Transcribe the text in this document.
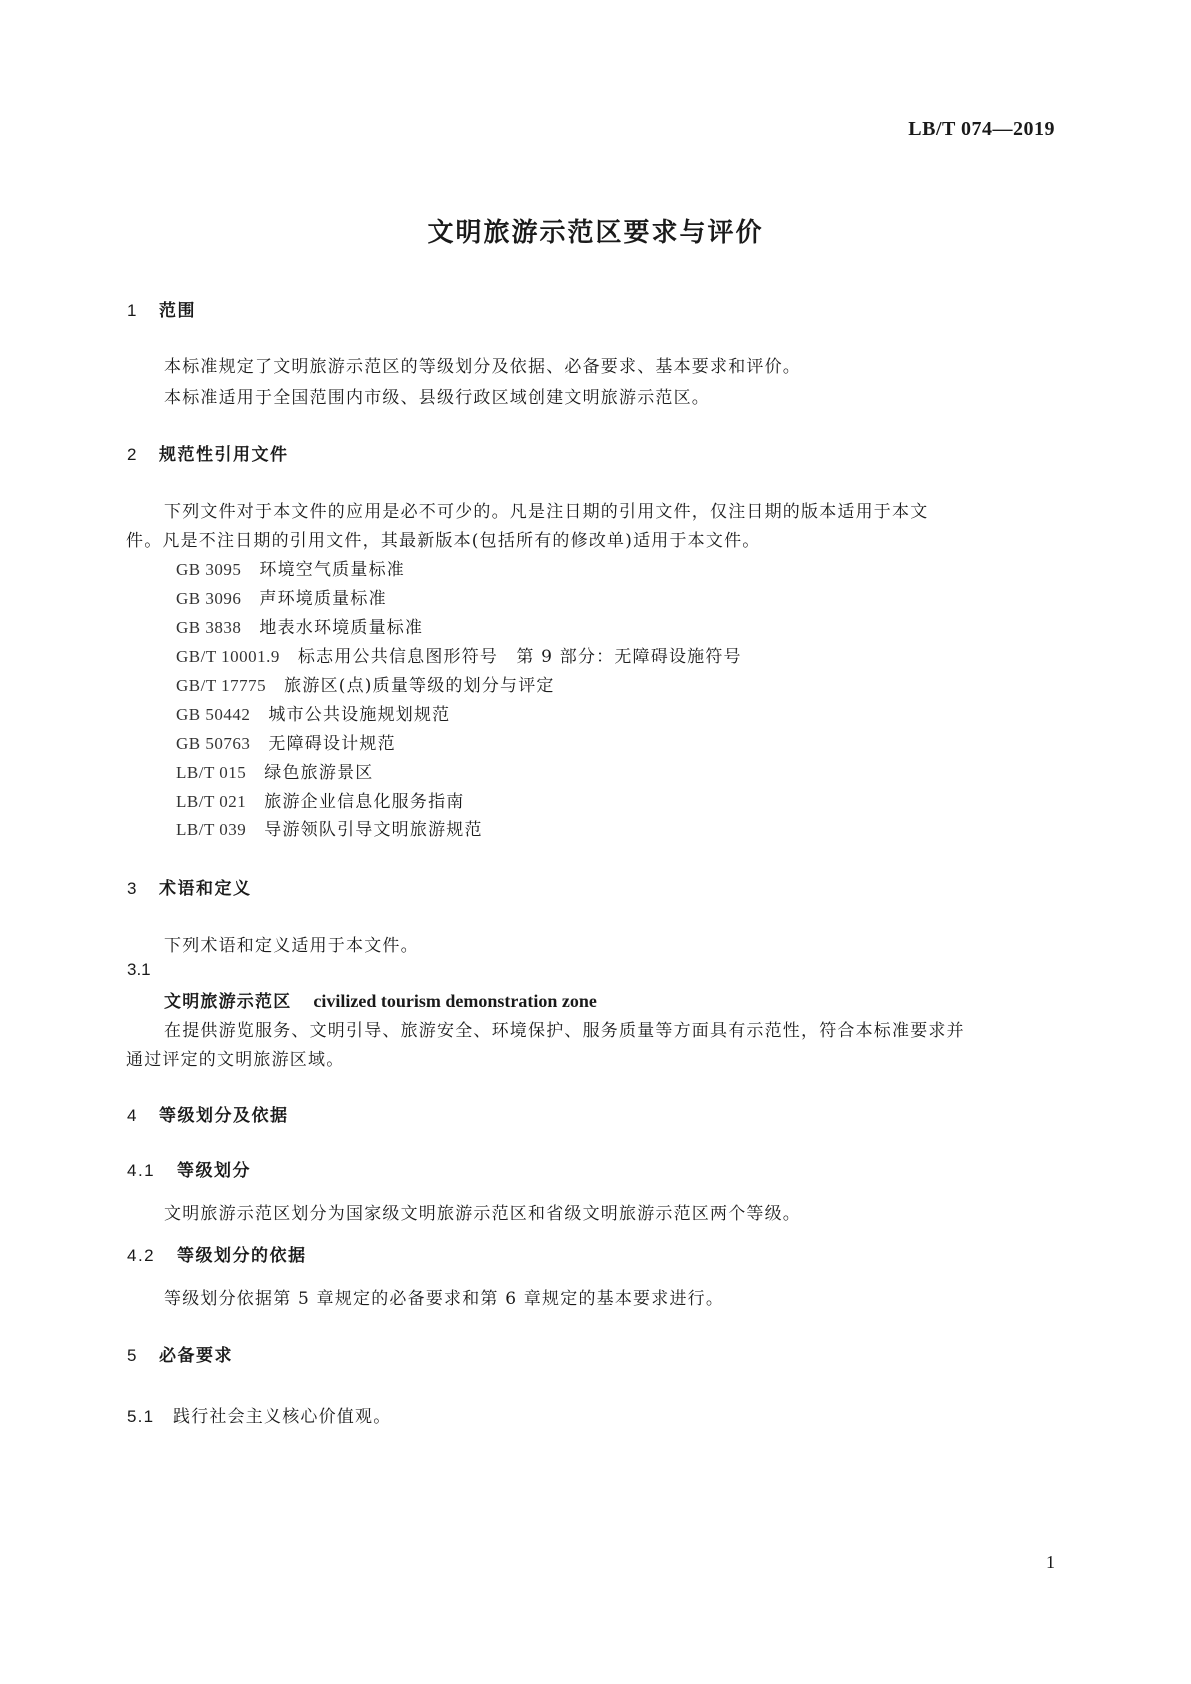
LB/T 074—2019
文明旅游示范区要求与评价
1 范围
本标准规定了文明旅游示范区的等级划分及依据、必备要求、基本要求和评价。
本标准适用于全国范围内市级、县级行政区域创建文明旅游示范区。
2 规范性引用文件
下列文件对于本文件的应用是必不可少的。凡是注日期的引用文件，仅注日期的版本适用于本文
件。凡是不注日期的引用文件，其最新版本(包括所有的修改单)适用于本文件。
GB 3095 环境空气质量标准
GB 3096 声环境质量标准
GB 3838 地表水环境质量标准
GB/T 10001.9 标志用公共信息图形符号　第 9 部分：无障碍设施符号
GB/T 17775 旅游区(点)质量等级的划分与评定
GB 50442 城市公共设施规划规范
GB 50763 无障碍设计规范
LB/T 015 绿色旅游景区
LB/T 021 旅游企业信息化服务指南
LB/T 039 导游领队引导文明旅游规范
3 术语和定义
下列术语和定义适用于本文件。
3.1
文明旅游示范区 civilized tourism demonstration zone
在提供游览服务、文明引导、旅游安全、环境保护、服务质量等方面具有示范性，符合本标准要求并
通过评定的文明旅游区域。
4 等级划分及依据
4.1 等级划分
文明旅游示范区划分为国家级文明旅游示范区和省级文明旅游示范区两个等级。
4.2 等级划分的依据
等级划分依据第 5 章规定的必备要求和第 6 章规定的基本要求进行。
5 必备要求
5.1 践行社会主义核心价值观。
1
